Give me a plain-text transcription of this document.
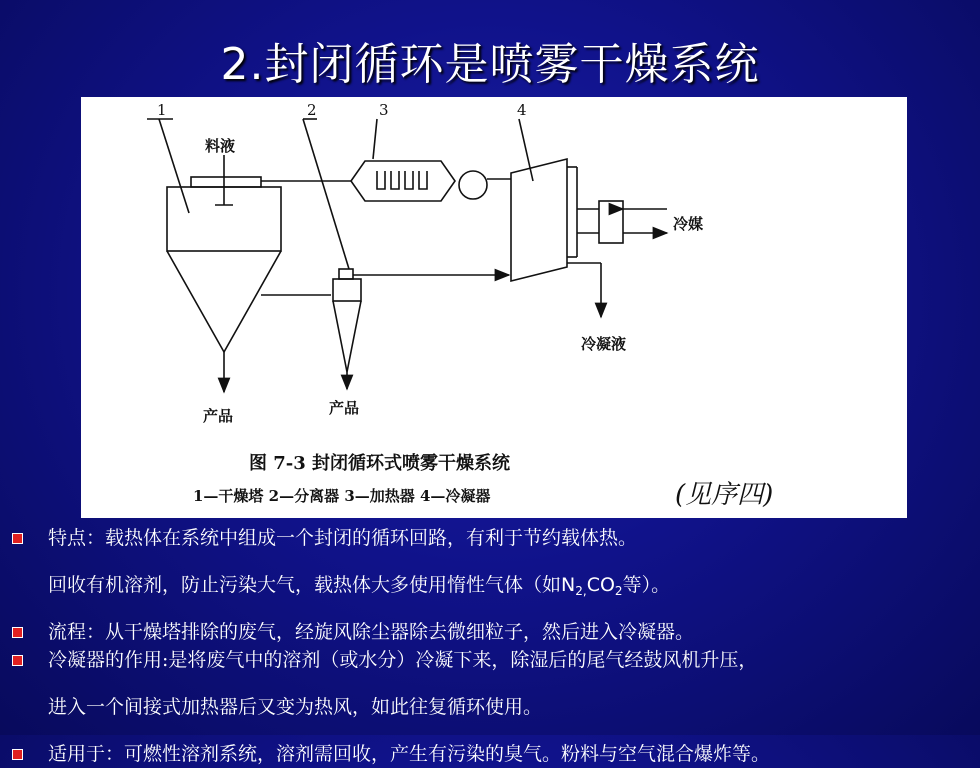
2.封闭循环是喷雾干燥系统
1	2	3	4
料液
冷媒
冷凝液
产品	产品
图 7-3 封闭循环式喷雾干燥系统
1—干燥塔 2—分离器 3—加热器 4—冷凝器	(见序四)

特点：载热体在系统中组成一个封闭的循环回路，有利于节约载体热。

回收有机溶剂，防止污染大气，载热体大多使用惰性气体（如$N_{2,}CO_2$等）。

流程：从干燥塔排除的废气，经旋风除尘器除去微细粒子，然后进入冷凝器。

冷凝器的作用:是将废气中的溶剂（或水分）冷凝下来，除湿后的尾气经鼓风机升压，

进入一个间接式加热器后又变为热风，如此往复循环使用。

适用于：可燃性溶剂系统，溶剂需回收，产生有污染的臭气。粉料与空气混合爆炸等。
